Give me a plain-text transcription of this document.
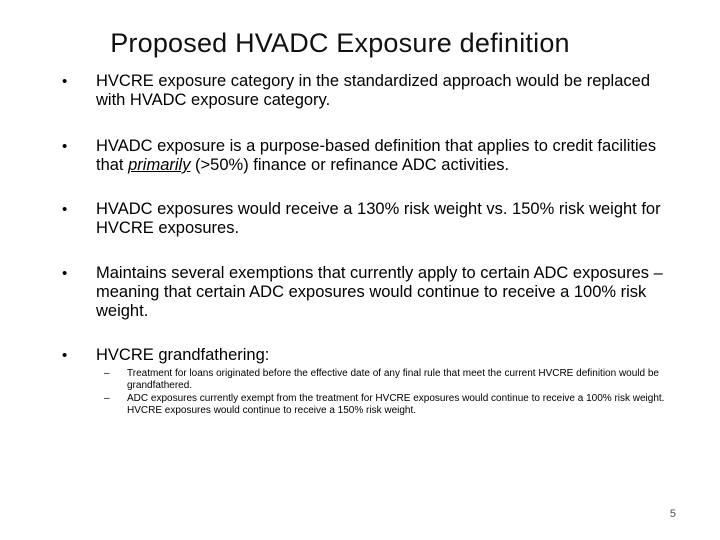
Proposed HVADC Exposure definition
•	HVCRE exposure category in the standardized approach would be replaced with HVADC exposure category.
•	HVADC exposure is a purpose-based definition that applies to credit facilities that primarily (>50%) finance or refinance ADC activities.
•	HVADC exposures would receive a 130% risk weight vs. 150% risk weight for HVCRE exposures.
•	Maintains several exemptions that currently apply to certain ADC exposures – meaning that certain ADC exposures would continue to receive a 100% risk weight.
•	HVCRE grandfathering:
–	Treatment for loans originated before the effective date of any final rule that meet the current HVCRE definition would be grandfathered.
–	ADC exposures currently exempt from the treatment for HVCRE exposures would continue to receive a 100% risk weight. HVCRE exposures would continue to receive a 150% risk weight.
5
